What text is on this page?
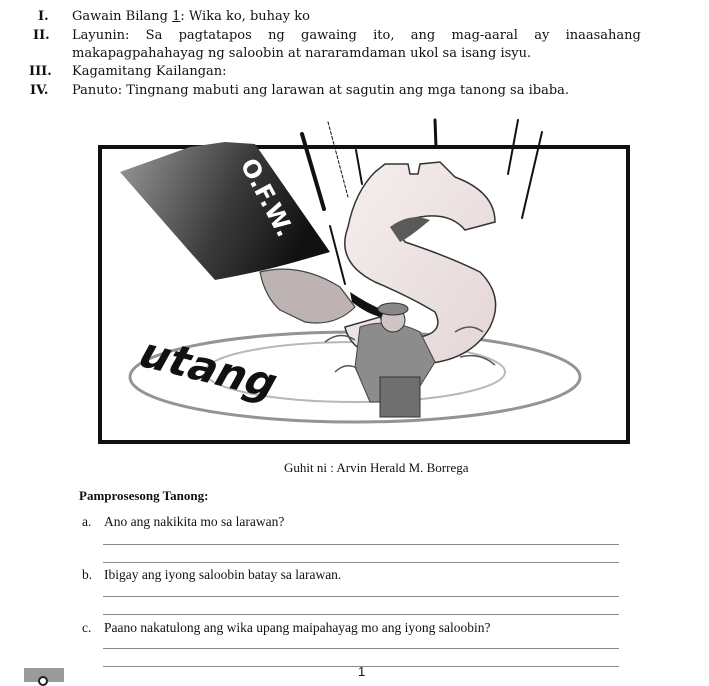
I. Gawain Bilang 1: Wika ko, buhay ko
II. Layunin: Sa pagtatapos ng gawaing ito, ang mag-aaral ay inaasahang
makapagpahahayag ng saloobin at nararamdaman ukol sa isang isyu.
III. Kagamitang Kailangan:
IV. Panuto: Tingnang mabuti ang larawan at sagutin ang mga tanong sa ibaba.
O.F.W.
utang
Guhit ni : Arvin Herald M. Borrega
Pamprosesong Tanong:
a. Ano ang nakikita mo sa larawan?
b. Ibigay ang iyong saloobin batay sa larawan.
c. Paano nakatulong ang wika upang maipahayag mo ang iyong saloobin?
1
